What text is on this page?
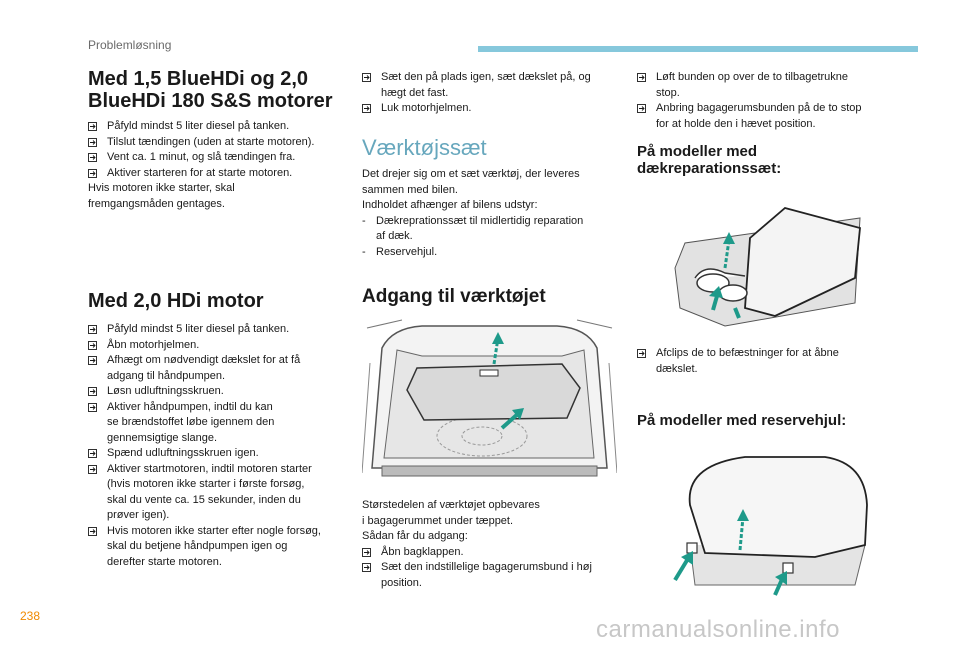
Problemløsning
Med 1,5 BlueHDi og 2,0 BlueHDi 180 S&S motorer
Påfyld mindst 5 liter diesel på tanken.
Tilslut tændingen (uden at starte motoren).
Vent ca. 1 minut, og slå tændingen fra.
Aktiver starteren for at starte motoren.
Hvis motoren ikke starter, skal
fremgangsmåden gentages.
Med 2,0 HDi motor
Påfyld mindst 5 liter diesel på tanken.
Åbn motorhjelmen.
Afhægt om nødvendigt dækslet for at få
adgang til håndpumpen.
Løsn udluftningsskruen.
Aktiver håndpumpen, indtil du kan
se brændstoffet løbe igennem den
gennemsigtige slange.
Spænd udluftningsskruen igen.
Aktiver startmotoren, indtil motoren starter
(hvis motoren ikke starter i første forsøg,
skal du vente ca. 15 sekunder, inden du
prøver igen).
Hvis motoren ikke starter efter nogle forsøg,
skal du betjene håndpumpen igen og
derefter starte motoren.
Sæt den på plads igen, sæt dækslet på, og
hægt det fast.
Luk motorhjelmen.
Værktøjssæt
Det drejer sig om et sæt værktøj, der leveres
sammen med bilen.
Indholdet afhænger af bilens udstyr:
- Dækreprationssæt til midlertidig reparation
af dæk.
- Reservehjul.
Adgang til værktøjet
Størstedelen af værktøjet opbevares
i bagagerummet under tæppet.
Sådan får du adgang:
Åbn bagklappen.
Sæt den indstillelige bagagerumsbund i høj
position.
Løft bunden op over de to tilbagetrukne
stop.
Anbring bagagerumsbunden på de to stop
for at holde den i hævet position.
På modeller med
dækreparationssæt:
Afclips de to befæstninger for at åbne
dækslet.
På modeller med reservehjul:
238	carmanualsonline.info
